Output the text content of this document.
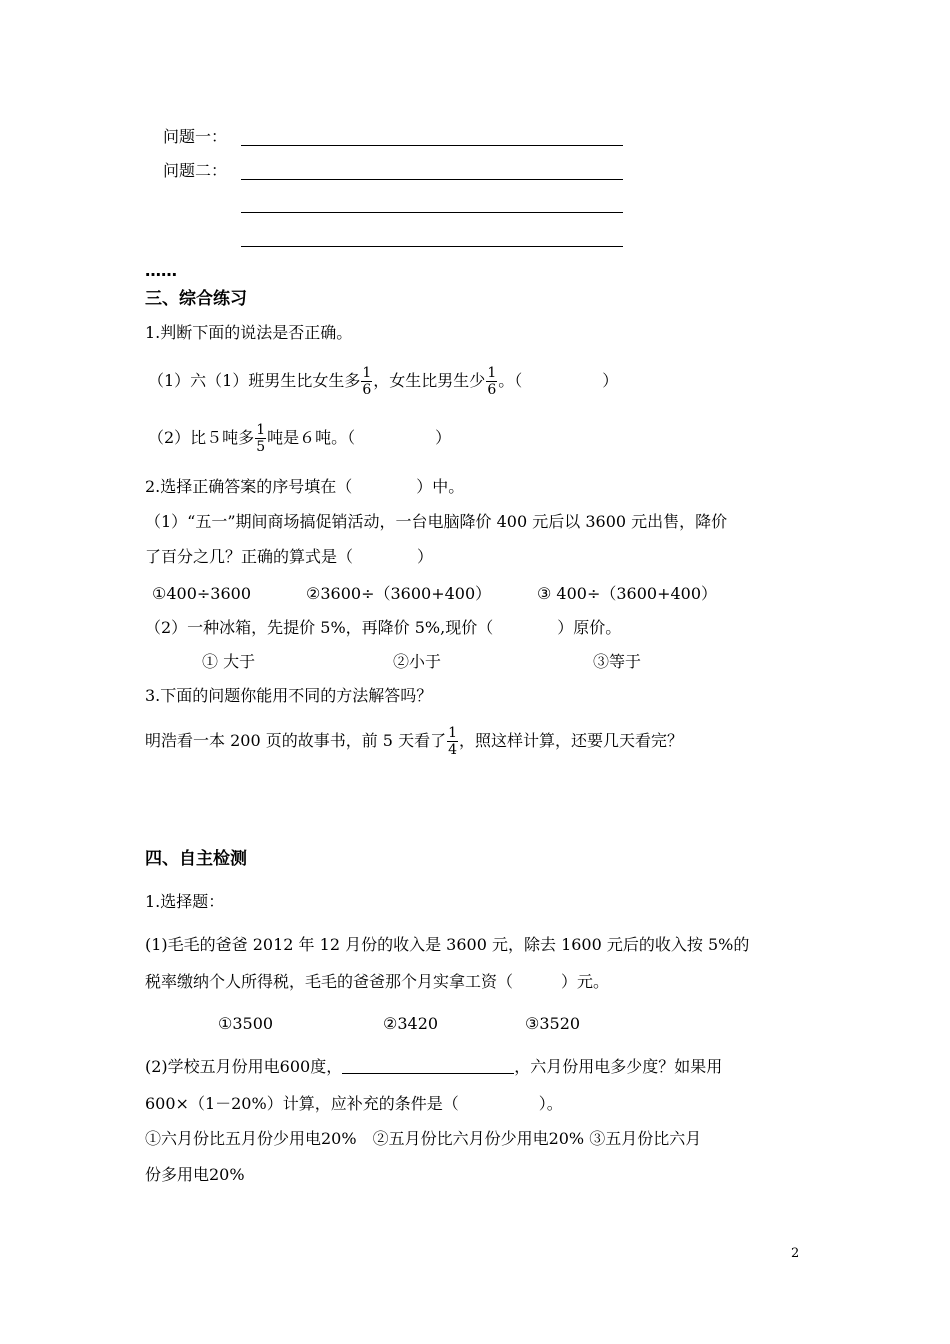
问题一：
问题二：
……
三、综合练习
1.判断下面的说法是否正确。
（1）六（1）班男生比女生多 $\frac{1}{6}$ ，女生比男生少 $\frac{1}{6}$ 。（　　　　　）
（2）比５吨多 $\frac{1}{5}$ 吨是６吨。（　　　　　）
2.选择正确答案的序号填在（　　　　）中。
（1）“五一”期间商场搞促销活动，一台电脑降价 400 元后以 3600 元出售，降价
了百分之几？正确的算式是（　　　　）
①400÷3600	②3600÷（3600+400）	③ 400÷（3600+400）
（2）一种冰箱，先提价 5%，再降价 5%,现价（　　　　）原价。
① 大于	②小于	③等于
3.下面的问题你能用不同的方法解答吗？
明浩看一本 200 页的故事书，前 5 天看了 $\frac{1}{4}$ ，照这样计算，还要几天看完？
四、自主检测
1.选择题：
(1)毛毛的爸爸 2012 年 12 月份的收入是 3600 元，除去 1600 元后的收入按 5%的
税率缴纳个人所得税，毛毛的爸爸那个月实拿工资（　　　）元。
①3500	②3420	③3520
(2)学校五月份用电600度，	，六月份用电多少度？如果用
600×（1－20%）计算，应补充的条件是（　　　　　）。
①六月份比五月份少用电20%　②五月份比六月份少用电20% ③五月份比六月
份多用电20%
2
